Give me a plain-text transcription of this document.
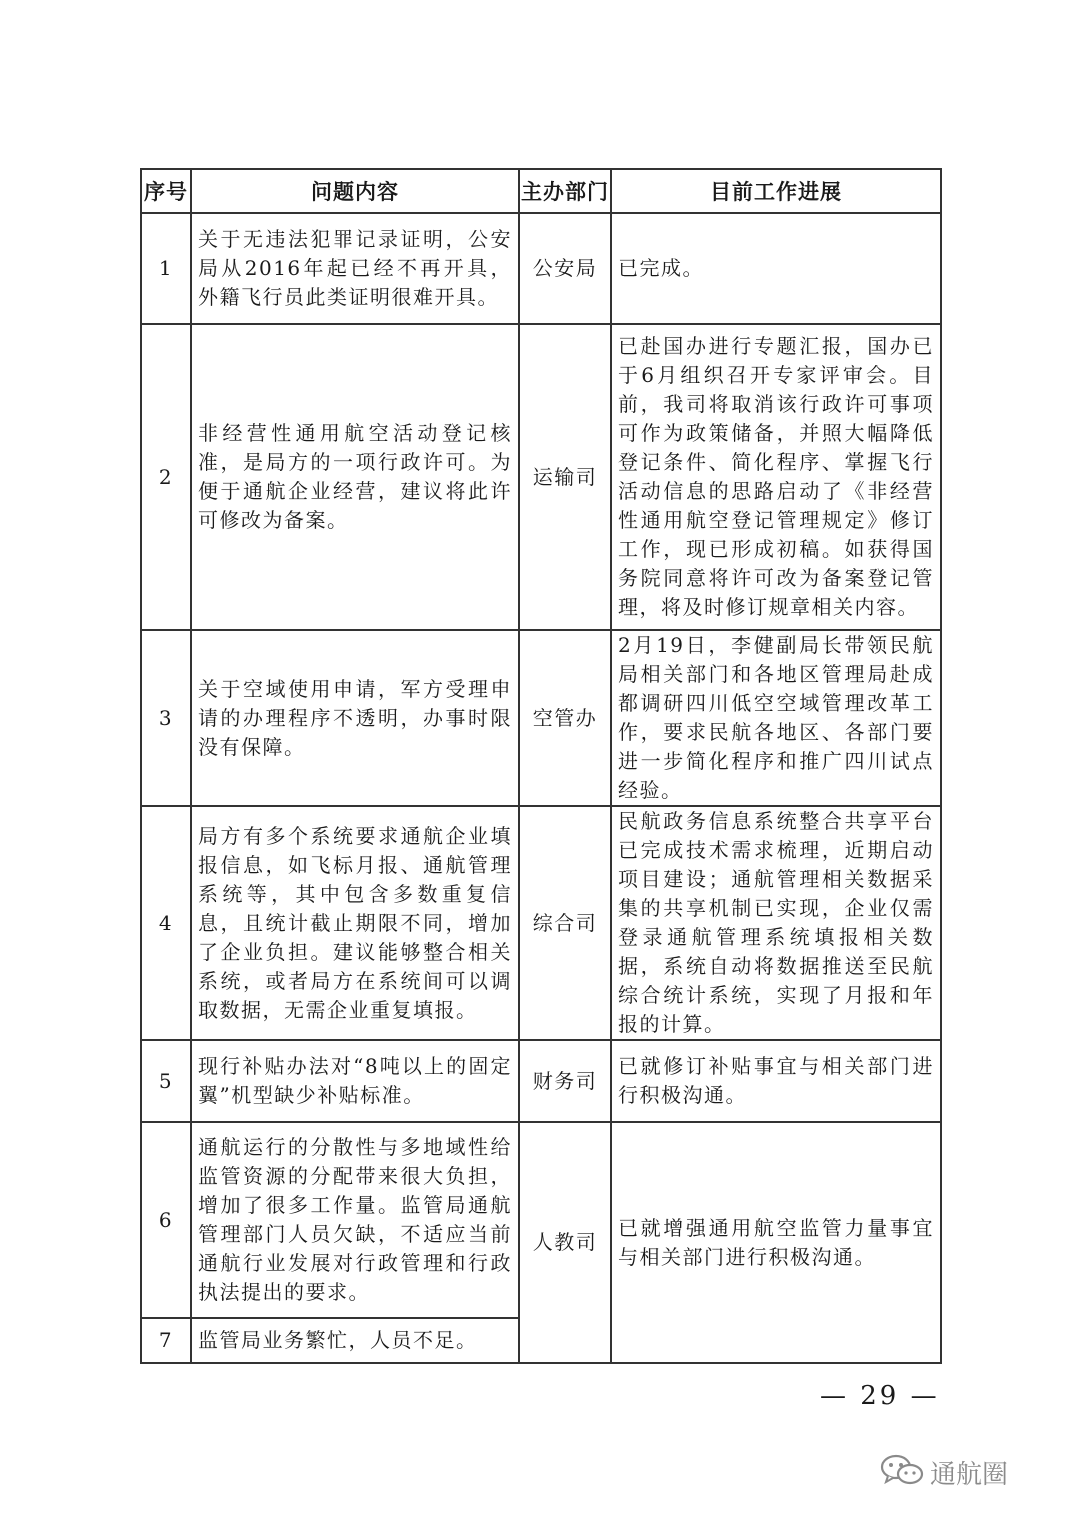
序号	问题内容	主办部门	目前工作进展
1	关于无违法犯罪记录证明，公安局从2016年起已经不再开具，外籍飞行员此类证明很难开具。	公安局	已完成。
2	非经营性通用航空活动登记核准，是局方的一项行政许可。为便于通航企业经营，建议将此许可修改为备案。	运输司	已赴国办进行专题汇报，国办已于6月组织召开专家评审会。目前，我司将取消该行政许可事项可作为政策储备，并照大幅降低登记条件、简化程序、掌握飞行活动信息的思路启动了《非经营性通用航空登记管理规定》修订工作，现已形成初稿。如获得国务院同意将许可改为备案登记管理，将及时修订规章相关内容。
3	关于空域使用申请，军方受理申请的办理程序不透明，办事时限没有保障。	空管办	2月19日，李健副局长带领民航局相关部门和各地区管理局赴成都调研四川低空空域管理改革工作，要求民航各地区、各部门要进一步简化程序和推广四川试点经验。
4	局方有多个系统要求通航企业填报信息，如飞标月报、通航管理系统等，其中包含多数重复信息，且统计截止期限不同，增加了企业负担。建议能够整合相关系统，或者局方在系统间可以调取数据，无需企业重复填报。	综合司	民航政务信息系统整合共享平台已完成技术需求梳理，近期启动项目建设；通航管理相关数据采集的共享机制已实现，企业仅需登录通航管理系统填报相关数据，系统自动将数据推送至民航综合统计系统，实现了月报和年报的计算。
5	现行补贴办法对“8吨以上的固定翼”机型缺少补贴标准。	财务司	已就修订补贴事宜与相关部门进行积极沟通。
6	通航运行的分散性与多地域性给监管资源的分配带来很大负担，增加了很多工作量。监管局通航管理部门人员欠缺，不适应当前通航行业发展对行政管理和行政执法提出的要求。	人教司	已就增强通用航空监管力量事宜与相关部门进行积极沟通。
7	监管局业务繁忙，人员不足。		
— 29 —
通航圈
